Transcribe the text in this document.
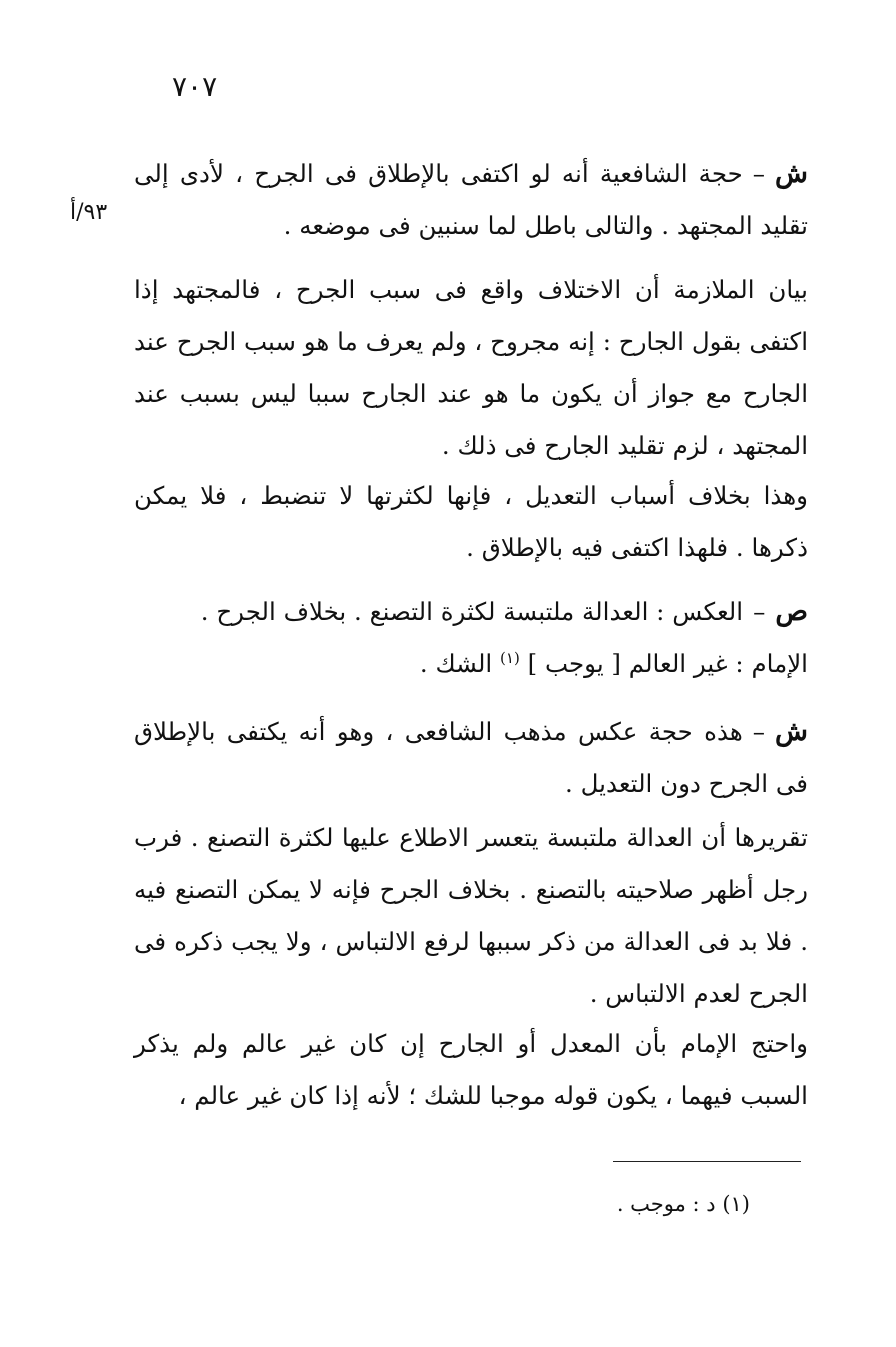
٧٠٧
٩٣/أ

ش–حجة الشافعية أنه لو اكتفى بالإطلاق فى الجرح ، لأدى إلى تقليد المجتهد . والتالى باطل لما سنبين فى موضعه .

بيان الملازمة أن الاختلاف واقع فى سبب الجرح ، فالمجتهد إذا اكتفى بقول الجارح : إنه مجروح ، ولم يعرف ما هو سبب الجرح عند الجارح مع جواز أن يكون ما هو عند الجارح سببا ليس بسبب عند المجتهد ، لزم تقليد الجارح فى ذلك .

وهذا بخلاف أسباب التعديل ، فإنها لكثرتها لا تنضبط ، فلا يمكن ذكرها . فلهذا اكتفى فيه بالإطلاق .

ص–العكس : العدالة ملتبسة لكثرة التصنع . بخلاف الجرح .

الإمام : غير العالم [ يوجب ] $^{(١)}$ الشك .

ش–هذه حجة عكس مذهب الشافعى ، وهو أنه يكتفى بالإطلاق فى الجرح دون التعديل .

تقريرها أن العدالة ملتبسة يتعسر الاطلاع عليها لكثرة التصنع . فرب رجل أظهر صلاحيته بالتصنع . بخلاف الجرح فإنه لا يمكن التصنع فيه . فلا بد فى العدالة من ذكر سببها لرفع الالتباس ، ولا يجب ذكره فى الجرح لعدم الالتباس .

واحتج الإمام بأن المعدل أو الجارح إن كان غير عالم ولم يذكر السبب فيهما ، يكون قوله موجبا للشك ؛ لأنه إذا كان غير عالم ،

(١) د : موجب .
